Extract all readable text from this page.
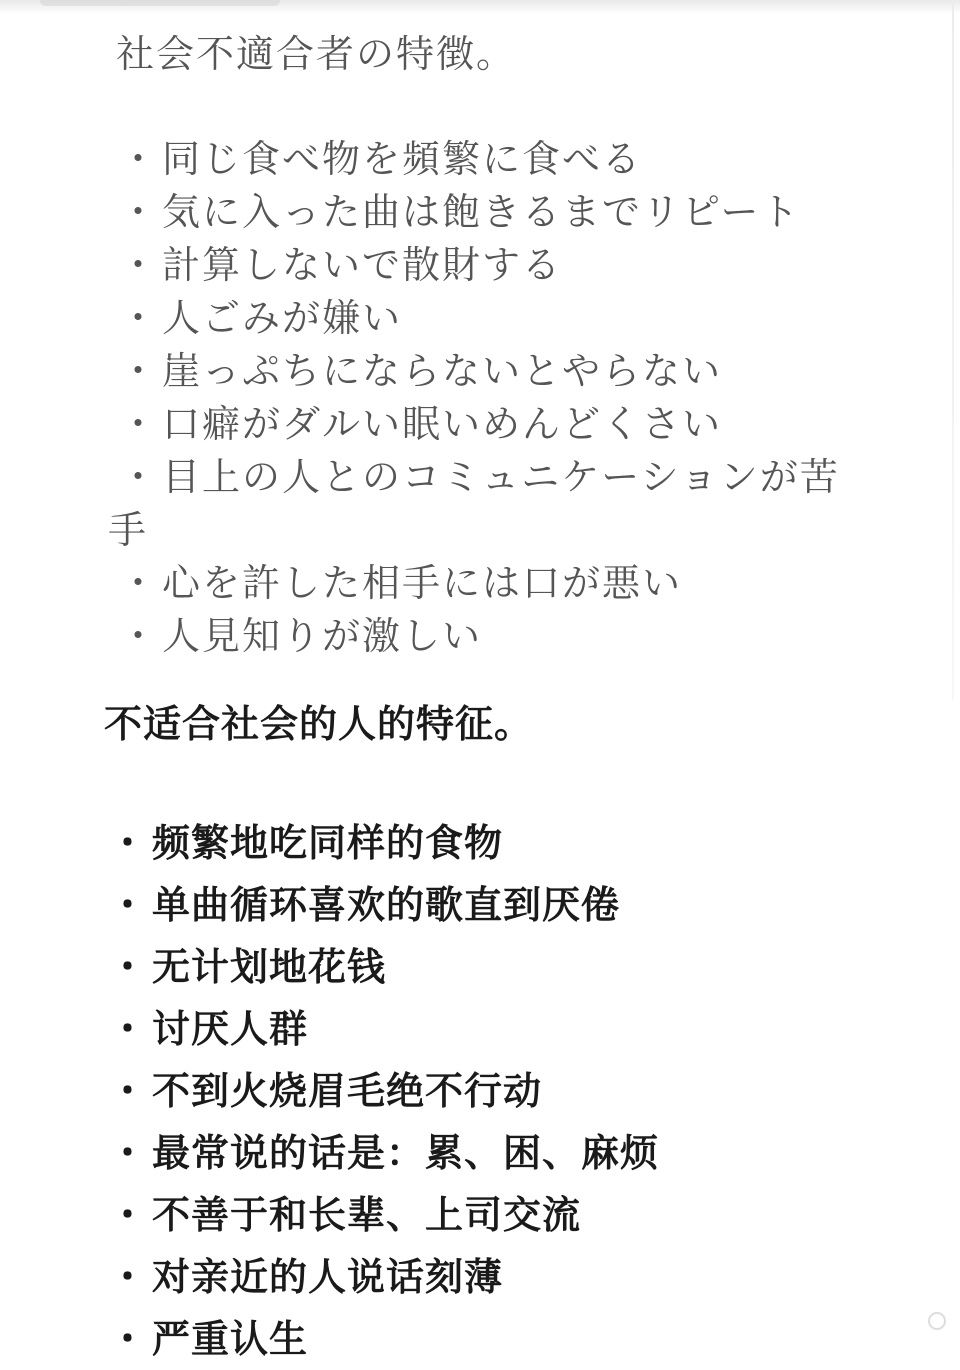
社会不適合者の特徴。
・同じ食べ物を頻繁に食べる
・気に入った曲は飽きるまでリピート
・計算しないで散財する
・人ごみが嫌い
・崖っぷちにならないとやらない
・口癖がダルい眠いめんどくさい
・目上の人とのコミュニケーションが苦
手
・心を許した相手には口が悪い
・人見知りが激しい
不适合社会的人的特征。
・ 频繁地吃同样的食物
・ 单曲循环喜欢的歌直到厌倦
・ 无计划地花钱
・ 讨厌人群
・ 不到火烧眉毛绝不行动
・ 最常说的话是：累、困、麻烦
・ 不善于和长辈、上司交流
・ 对亲近的人说话刻薄
・ 严重认生
